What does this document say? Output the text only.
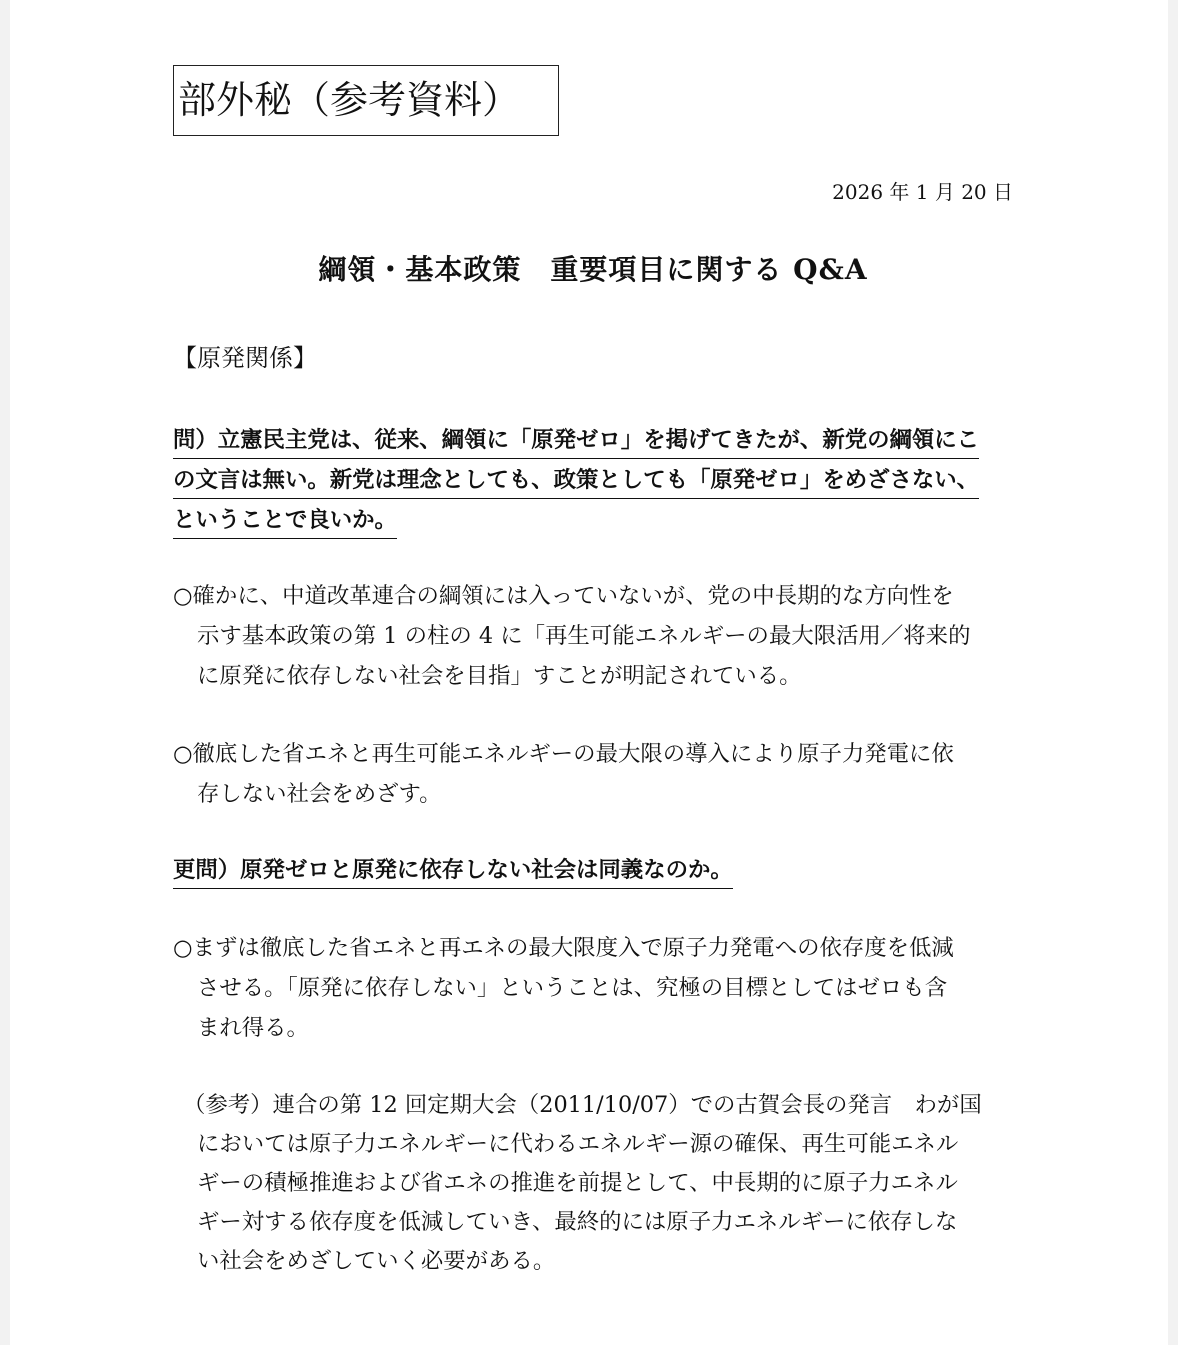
部外秘（参考資料）
2026 年 1 月 20 日
綱領・基本政策　重要項目に関する Q&A
【原発関係】
問）立憲民主党は、従来、綱領に「原発ゼロ」を掲げてきたが、新党の綱領にこ
の文言は無い。新党は理念としても、政策としても「原発ゼロ」をめざさない、
ということで良いか。
○確かに、中道改革連合の綱領には入っていないが、党の中長期的な方向性を
示す基本政策の第 1 の柱の 4 に「再生可能エネルギーの最大限活用／将来的
に原発に依存しない社会を目指」すことが明記されている。
○徹底した省エネと再生可能エネルギーの最大限の導入により原子力発電に依
存しない社会をめざす。
更問）原発ゼロと原発に依存しない社会は同義なのか。
○まずは徹底した省エネと再エネの最大限度入で原子力発電への依存度を低減
させる。「原発に依存しない」ということは、究極の目標としてはゼロも含
まれ得る。
（参考）連合の第 12 回定期大会（2011/10/07）での古賀会長の発言　わが国
においては原子力エネルギーに代わるエネルギー源の確保、再生可能エネル
ギーの積極推進および省エネの推進を前提として、中長期的に原子力エネル
ギー対する依存度を低減していき、最終的には原子力エネルギーに依存しな
い社会をめざしていく必要がある。
